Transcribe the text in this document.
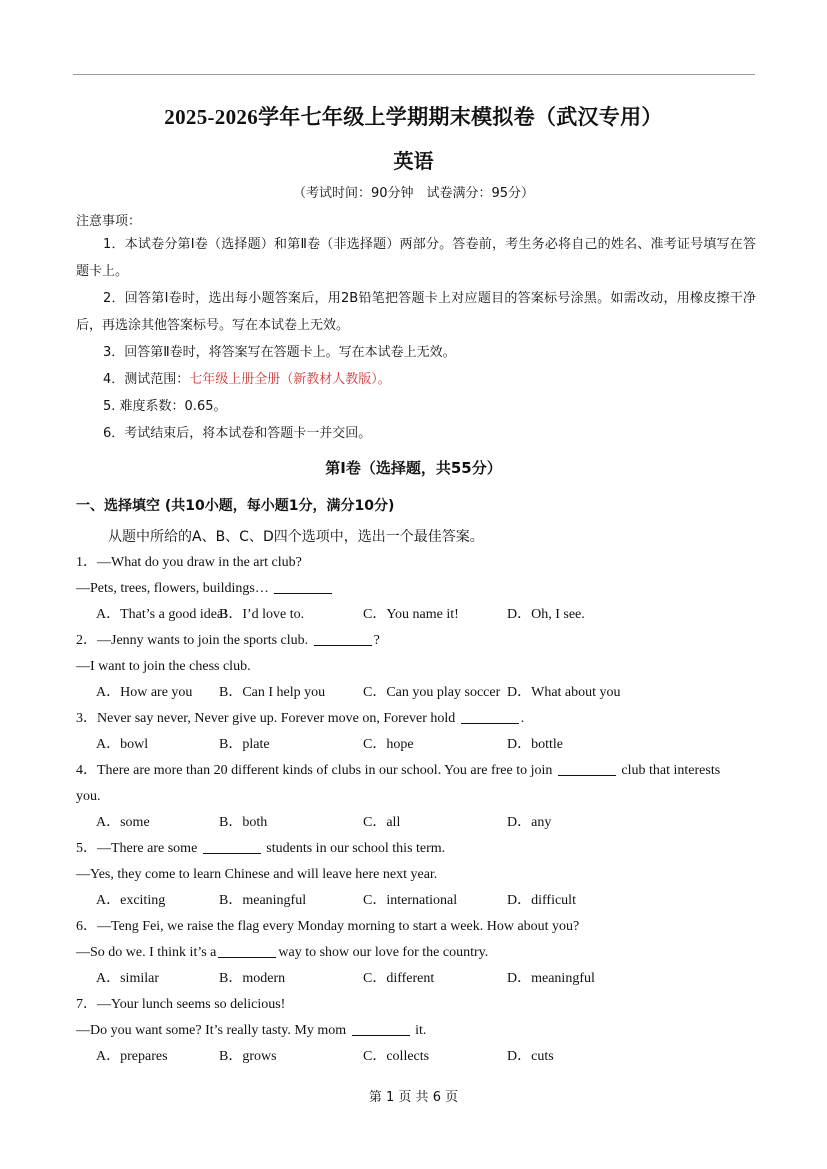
2025-2026学年七年级上学期期末模拟卷（武汉专用）
英语
（考试时间：90分钟　试卷满分：95分）
注意事项：
1．本试卷分第Ⅰ卷（选择题）和第Ⅱ卷（非选择题）两部分。答卷前，考生务必将自己的姓名、准考证号填写在答题卡上。
2．回答第Ⅰ卷时，选出每小题答案后，用2B铅笔把答题卡上对应题目的答案标号涂黑。如需改动，用橡皮擦干净后，再选涂其他答案标号。写在本试卷上无效。
3．回答第Ⅱ卷时，将答案写在答题卡上。写在本试卷上无效。
4．测试范围：七年级上册全册（新教材人教版）。
5. 难度系数：0.65。
6．考试结束后，将本试卷和答题卡一并交回。
第Ⅰ卷（选择题，共55分）
一、选择填空 (共10小题，每小题1分，满分10分)
从题中所给的A、B、C、D四个选项中，选出一个最佳答案。
1．—What do you draw in the art club?
—Pets, trees, flowers, buildings…
A．That’s a good idea!
B．I’d love to.	C．You name it!	D．Oh, I see.
2．—Jenny wants to join the sports club.	?
—I want to join the chess club.
A．How are you B．Can I help you	C．Can you play soccer D．What about you
3．Never say never, Never give up. Forever move on, Forever hold	.
A．bowl	B．plate	C．hope	D．bottle
4．There are more than 20 different kinds of clubs in our school. You are free to join	club that interests you.
A．some	B．both	C．all	D．any
5．—There are some	students in our school this term.
—Yes, they come to learn Chinese and will leave here next year.
A．exciting	B．meaningful	C．international	D．difficult
6．—Teng Fei, we raise the flag every Monday morning to start a week. How about you?
—So do we. I think it’s a	way to show our love for the country.
A．similar	B．modern	C．different	D．meaningful
7．—Your lunch seems so delicious!
—Do you want some? It’s really tasty. My mom	it.
A．prepares	B．grows	C．collects	D．cuts
第 1 页 共 6 页
